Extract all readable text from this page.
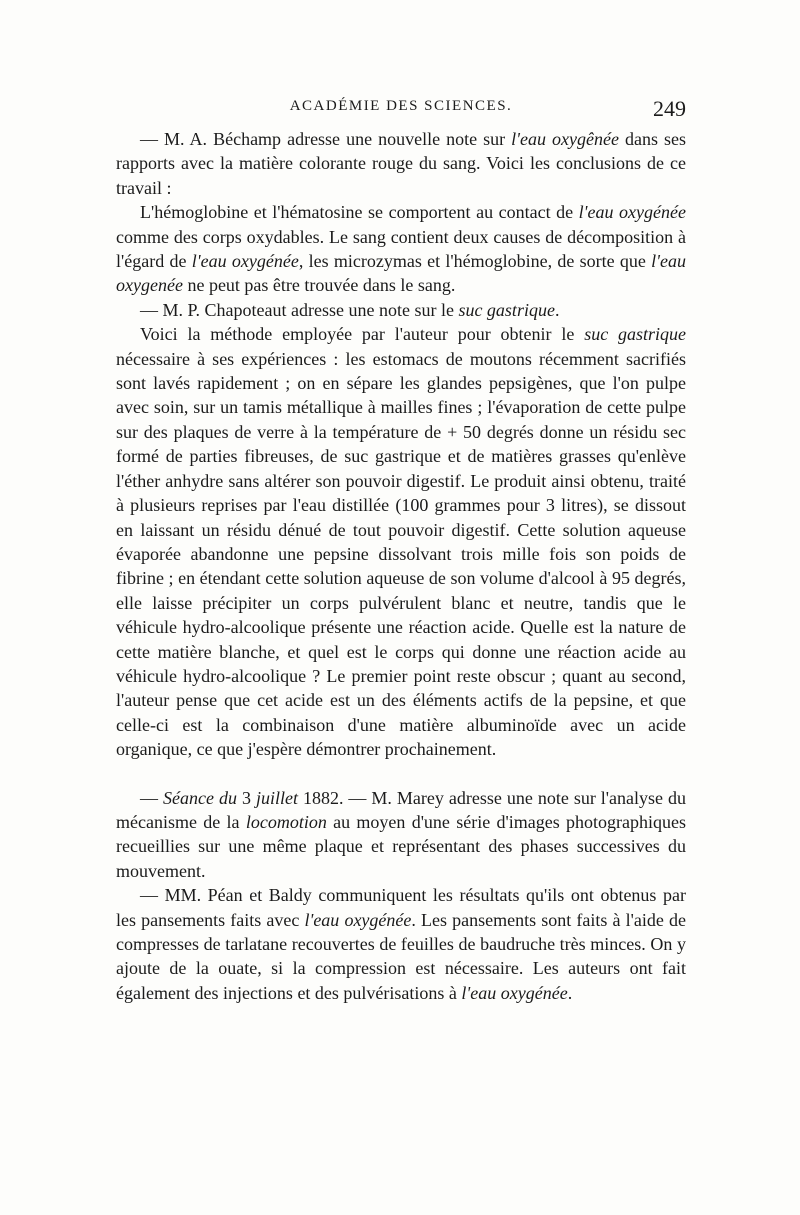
ACADÉMIE DES SCIENCES.	249

— M. A. Béchamp adresse une nouvelle note sur l'eau oxygênée dans ses rapports avec la matière colorante rouge du sang. Voici les conclusions de ce travail :

L'hémoglobine et l'hématosine se comportent au contact de l'eau oxygénée comme des corps oxydables. Le sang contient deux causes de décomposition à l'égard de l'eau oxygénée, les microzymas et l'hémoglobine, de sorte que l'eau oxygenée ne peut pas être trouvée dans le sang.

— M. P. Chapoteaut adresse une note sur le suc gastrique.

Voici la méthode employée par l'auteur pour obtenir le suc gastrique nécessaire à ses expériences : les estomacs de moutons récemment sacrifiés sont lavés rapidement ; on en sépare les glandes pepsigènes, que l'on pulpe avec soin, sur un tamis métallique à mailles fines ; l'évaporation de cette pulpe sur des plaques de verre à la température de + 50 degrés donne un résidu sec formé de parties fibreuses, de suc gastrique et de matières grasses qu'enlève l'éther anhydre sans altérer son pouvoir digestif. Le produit ainsi obtenu, traité à plusieurs reprises par l'eau distillée (100 grammes pour 3 litres), se dissout en laissant un résidu dénué de tout pouvoir digestif. Cette solution aqueuse évaporée abandonne une pepsine dissolvant trois mille fois son poids de fibrine ; en étendant cette solution aqueuse de son volume d'alcool à 95 degrés, elle laisse précipiter un corps pulvérulent blanc et neutre, tandis que le véhicule hydro-alcoolique présente une réaction acide. Quelle est la nature de cette matière blanche, et quel est le corps qui donne une réaction acide au véhicule hydro-alcoolique ? Le premier point reste obscur ; quant au second, l'auteur pense que cet acide est un des éléments actifs de la pepsine, et que celle-ci est la combinaison d'une matière albuminoïde avec un acide organique, ce que j'espère démontrer prochainement.

— Séance du 3 juillet 1882. — M. Marey adresse une note sur l'analyse du mécanisme de la locomotion au moyen d'une série d'images photographiques recueillies sur une même plaque et représentant des phases successives du mouvement.

— MM. Péan et Baldy communiquent les résultats qu'ils ont obtenus par les pansements faits avec l'eau oxygénée. Les pansements sont faits à l'aide de compresses de tarlatane recouvertes de feuilles de baudruche très minces. On y ajoute de la ouate, si la compression est nécessaire. Les auteurs ont fait également des injections et des pulvérisations à l'eau oxygénée.
